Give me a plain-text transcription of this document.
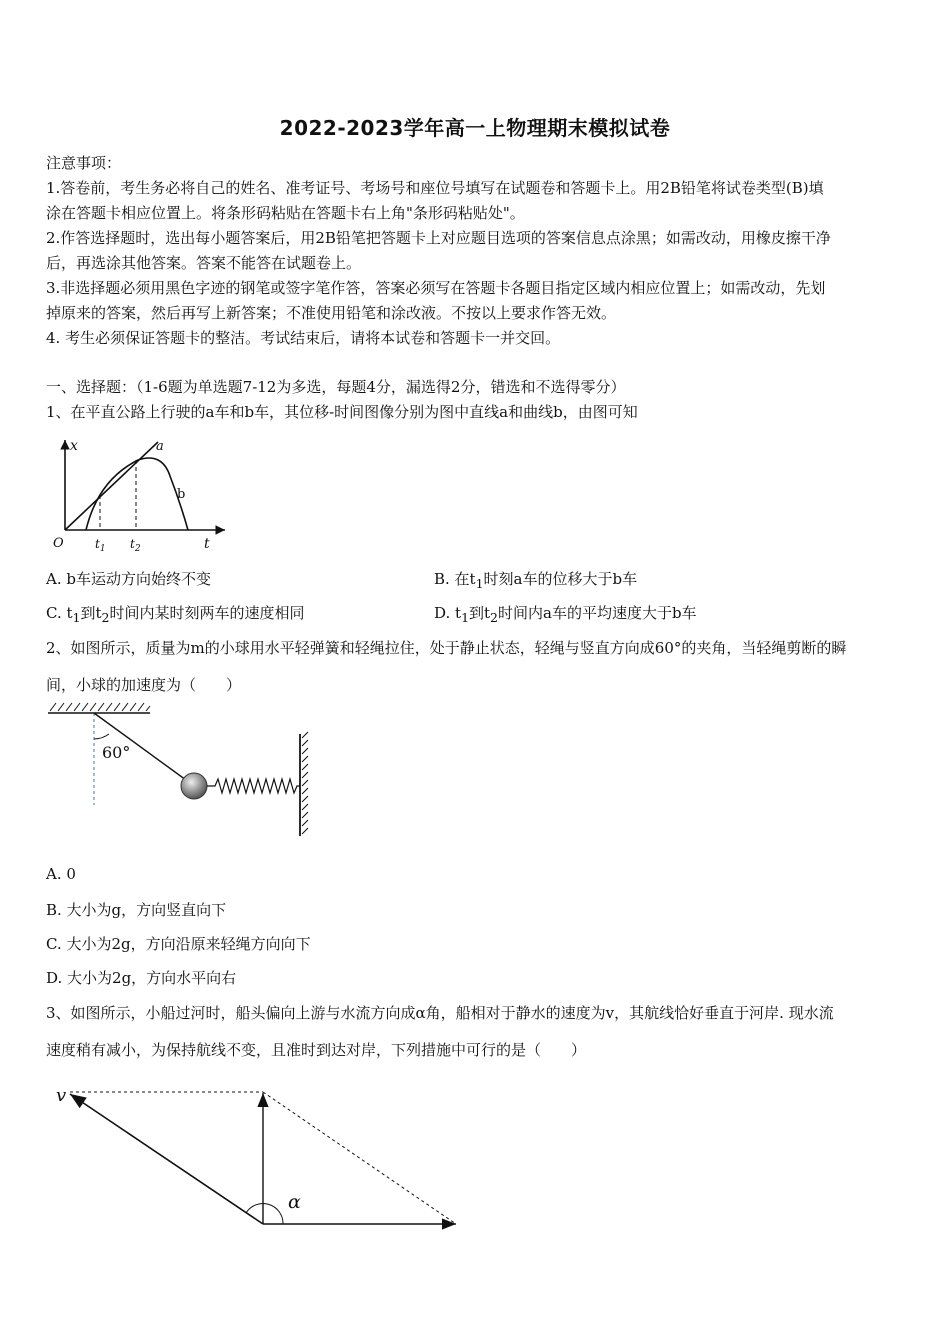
2022-2023学年高一上物理期末模拟试卷
注意事项：
1.答卷前，考生务必将自己的姓名、准考证号、考场号和座位号填写在试题卷和答题卡上。用2B铅笔将试卷类型(B)填
涂在答题卡相应位置上。将条形码粘贴在答题卡右上角"条形码粘贴处"。
2.作答选择题时，选出每小题答案后，用2B铅笔把答题卡上对应题目选项的答案信息点涂黑；如需改动，用橡皮擦干净
后，再选涂其他答案。答案不能答在试题卷上。
3.非选择题必须用黑色字迹的钢笔或签字笔作答，答案必须写在答题卡各题目指定区域内相应位置上；如需改动，先划
掉原来的答案，然后再写上新答案；不准使用铅笔和涂改液。不按以上要求作答无效。
4. 考生必须保证答题卡的整洁。考试结束后，请将本试卷和答题卡一并交回。
一、选择题：（1-6题为单选题7-12为多选，每题4分，漏选得2分，错选和不选得零分）
1、在平直公路上行驶的a车和b车，其位移-时间图像分别为图中直线a和曲线b，由图可知
x
t
O	$t_1$ $t_2$
a
b
A. b车运动方向始终不变	B. 在$t_1$时刻a车的位移大于b车
C. $t_1$到$t_2$时间内某时刻两车的速度相同	D. $t_1$到$t_2$时间内a车的平均速度大于b车
2、如图所示，质量为m的小球用水平轻弹簧和轻绳拉住，处于静止状态，轻绳与竖直方向成60°的夹角，当轻绳剪断的瞬
间，小球的加速度为（　　）
60°
A. 0
B. 大小为g，方向竖直向下
C. 大小为2g，方向沿原来轻绳方向向下
D. 大小为2g，方向水平向右
3、如图所示，小船过河时，船头偏向上游与水流方向成α角，船相对于静水的速度为v，其航线恰好垂直于河岸. 现水流
速度稍有减小，为保持航线不变，且准时到达对岸，下列措施中可行的是（　　）
v
α
